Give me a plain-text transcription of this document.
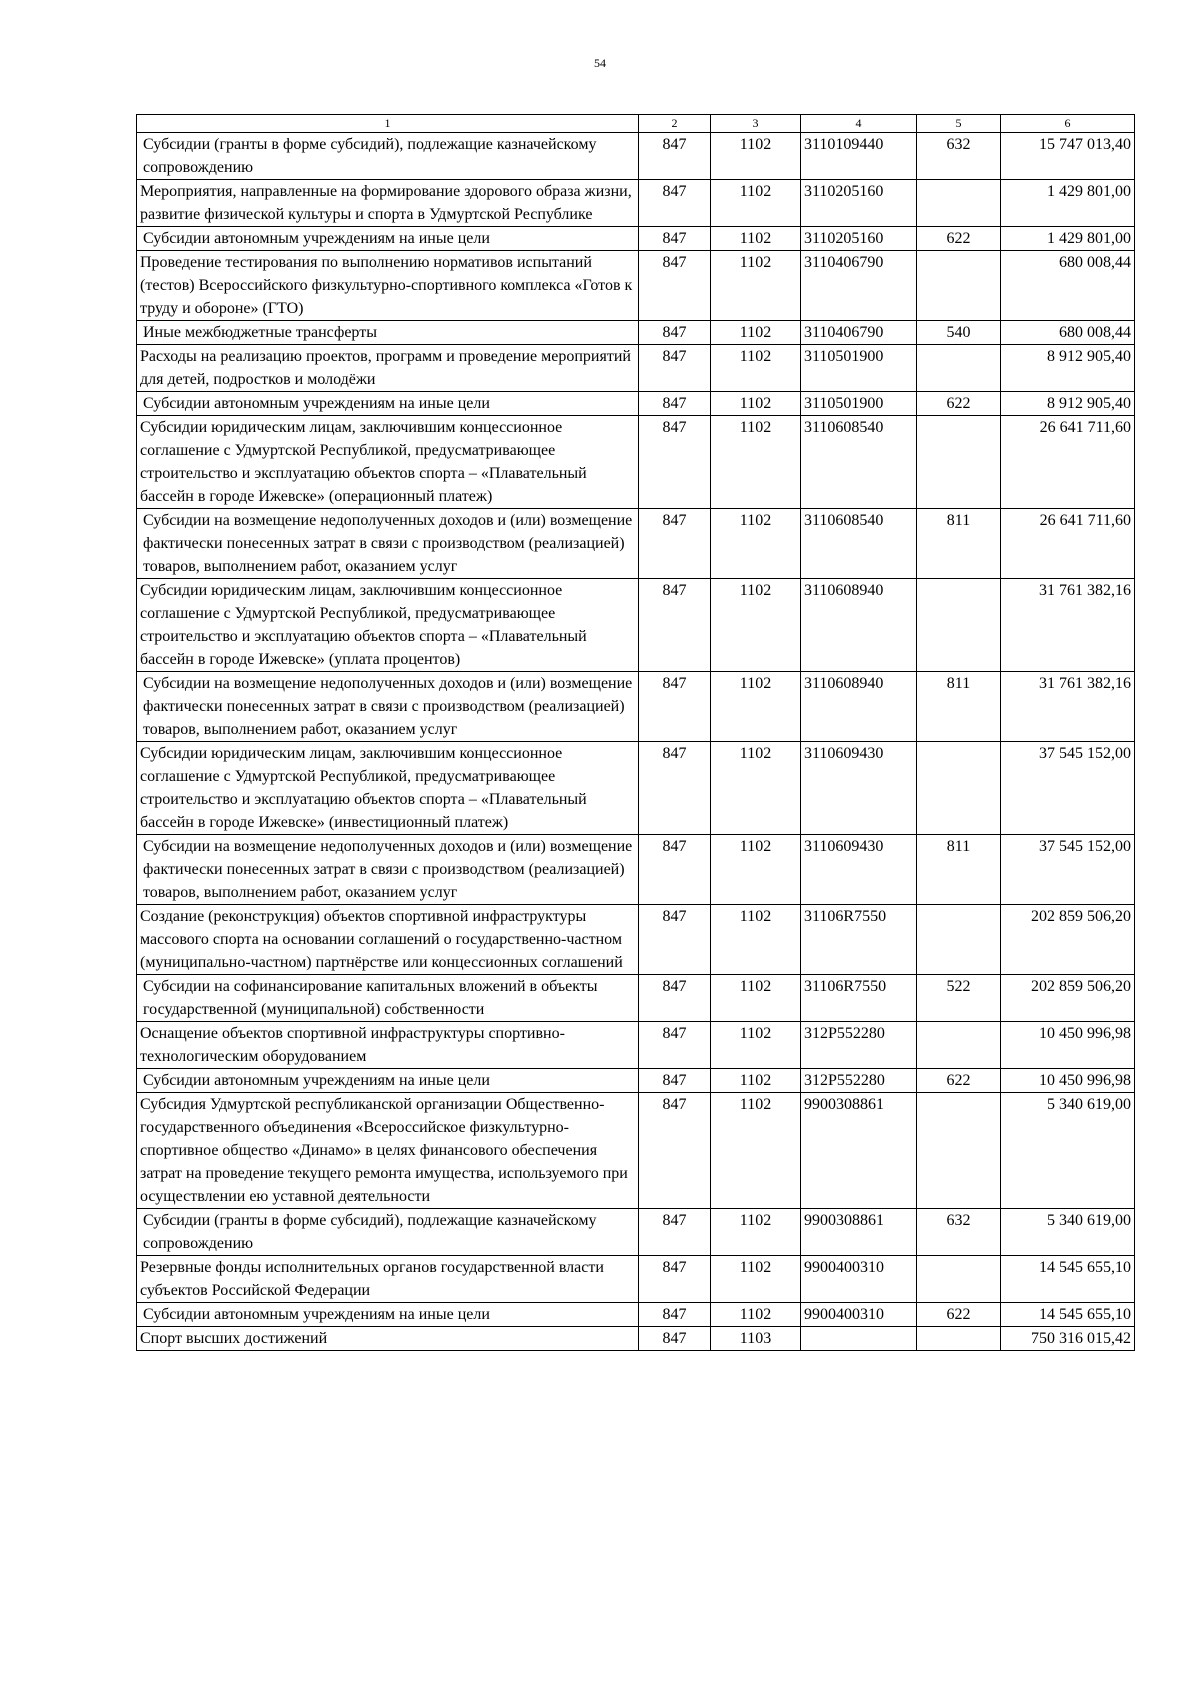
54
1	2	3	4	5	6
Субсидии (гранты в форме субсидий), подлежащие казначейскому сопровождению	847	1102	3110109440	632	15 747 013,40
Мероприятия, направленные на формирование здорового образа жизни, развитие физической культуры и спорта в Удмуртской Республике	847	1102	3110205160		1 429 801,00
Субсидии автономным учреждениям на иные цели	847	1102	3110205160	622	1 429 801,00
Проведение тестирования по выполнению нормативов испытаний (тестов) Всероссийского физкультурно-спортивного комплекса «Готов к труду и обороне» (ГТО)	847	1102	3110406790		680 008,44
Иные межбюджетные трансферты	847	1102	3110406790	540	680 008,44
Расходы на реализацию проектов, программ и проведение мероприятий для детей, подростков и молодёжи	847	1102	3110501900		8 912 905,40
Субсидии автономным учреждениям на иные цели	847	1102	3110501900	622	8 912 905,40
Субсидии юридическим лицам, заключившим концессионное соглашение с Удмуртской Республикой, предусматривающее строительство и эксплуатацию объектов спорта – «Плавательный бассейн в городе Ижевске» (операционный платеж)	847	1102	3110608540		26 641 711,60
Субсидии на возмещение недополученных доходов и (или) возмещение фактически понесенных затрат в связи с производством (реализацией) товаров, выполнением работ, оказанием услуг	847	1102	3110608540	811	26 641 711,60
Субсидии юридическим лицам, заключившим концессионное соглашение с Удмуртской Республикой, предусматривающее строительство и эксплуатацию объектов спорта – «Плавательный бассейн в городе Ижевске» (уплата процентов)	847	1102	3110608940		31 761 382,16
Субсидии на возмещение недополученных доходов и (или) возмещение фактически понесенных затрат в связи с производством (реализацией) товаров, выполнением работ, оказанием услуг	847	1102	3110608940	811	31 761 382,16
Субсидии юридическим лицам, заключившим концессионное соглашение с Удмуртской Республикой, предусматривающее строительство и эксплуатацию объектов спорта – «Плавательный бассейн в городе Ижевске» (инвестиционный платеж)	847	1102	3110609430		37 545 152,00
Субсидии на возмещение недополученных доходов и (или) возмещение фактически понесенных затрат в связи с производством (реализацией) товаров, выполнением работ, оказанием услуг	847	1102	3110609430	811	37 545 152,00
Создание (реконструкция) объектов спортивной инфраструктуры массового спорта на основании соглашений о государственно-частном (муниципально-частном) партнёрстве или концессионных соглашений	847	1102	31106R7550		202 859 506,20
Субсидии на софинансирование капитальных вложений в объекты государственной (муниципальной) собственности	847	1102	31106R7550	522	202 859 506,20
Оснащение объектов спортивной инфраструктуры спортивно-технологическим оборудованием	847	1102	312P552280		10 450 996,98
Субсидии автономным учреждениям на иные цели	847	1102	312P552280	622	10 450 996,98
Субсидия Удмуртской республиканской организации Общественно-государственного объединения «Всероссийское физкультурно-спортивное общество «Динамо» в целях финансового обеспечения затрат на проведение текущего ремонта имущества, используемого при осуществлении ею уставной деятельности	847	1102	9900308861		5 340 619,00
Субсидии (гранты в форме субсидий), подлежащие казначейскому сопровождению	847	1102	9900308861	632	5 340 619,00
Резервные фонды исполнительных органов государственной власти субъектов Российской Федерации	847	1102	9900400310		14 545 655,10
Субсидии автономным учреждениям на иные цели	847	1102	9900400310	622	14 545 655,10
Спорт высших достижений	847	1103			750 316 015,42
